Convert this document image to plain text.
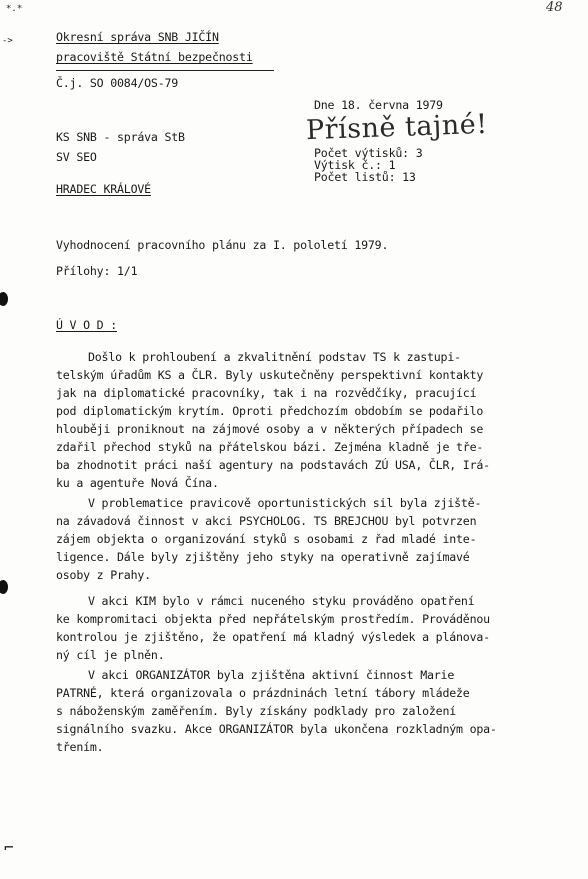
*.*
->
48
Okresní správa SNB JIČÍN
pracoviště Státní bezpečnosti
Č.j. SO 0084/OS-79
Dne 18. června 1979
Přísně tajné!
Počet výtisků: 3
Výtisk č.: 1
Počet listů: 13
KS SNB - správa StB
SV SEO
HRADEC KRÁLOVÉ
Vyhodnocení pracovního plánu za I. pololetí 1979.
Přílohy: 1/1
Ú V O D :
Došlo k prohloubení a zkvalitnění podstav TS k zastupi-
telským úřadům KS a ČLR. Byly uskutečněny perspektivní kontakty
jak na diplomatické pracovníky, tak i na rozvědčíky, pracující
pod diplomatickým krytím. Oproti předchozím obdobím se podařilo
hlouběji proniknout na zájmové osoby a v některých případech se
zdařil přechod styků na přátelskou bázi. Zejména kladně je tře-
ba zhodnotit práci naší agentury na podstavách ZÚ USA, ČLR, Irá-
ku a agentuře Nová Čína.
V problematice pravicově oportunistických sil byla zjiště-
na závadová činnost v akci PSYCHOLOG. TS BREJCHOU byl potvrzen
zájem objekta o organizování styků s osobami z řad mladé inte-
ligence. Dále byly zjištěny jeho styky na operativně zajímavé
osoby z Prahy.
V akci KIM bylo v rámci nuceného styku prováděno opatření
ke kompromitaci objekta před nepřátelským prostředím. Prováděnou
kontrolou je zjištěno, že opatření má kladný výsledek a plánova-
ný cíl je plněn.
V akci ORGANIZÁTOR byla zjištěna aktivní činnost Marie
PATRNÉ, která organizovala o prázdninách letní tábory mládeže
s náboženským zaměřením. Byly získány podklady pro založení
signálního svazku. Akce ORGANIZÁTOR byla ukončena rozkladným opa-
třením.
⌐
